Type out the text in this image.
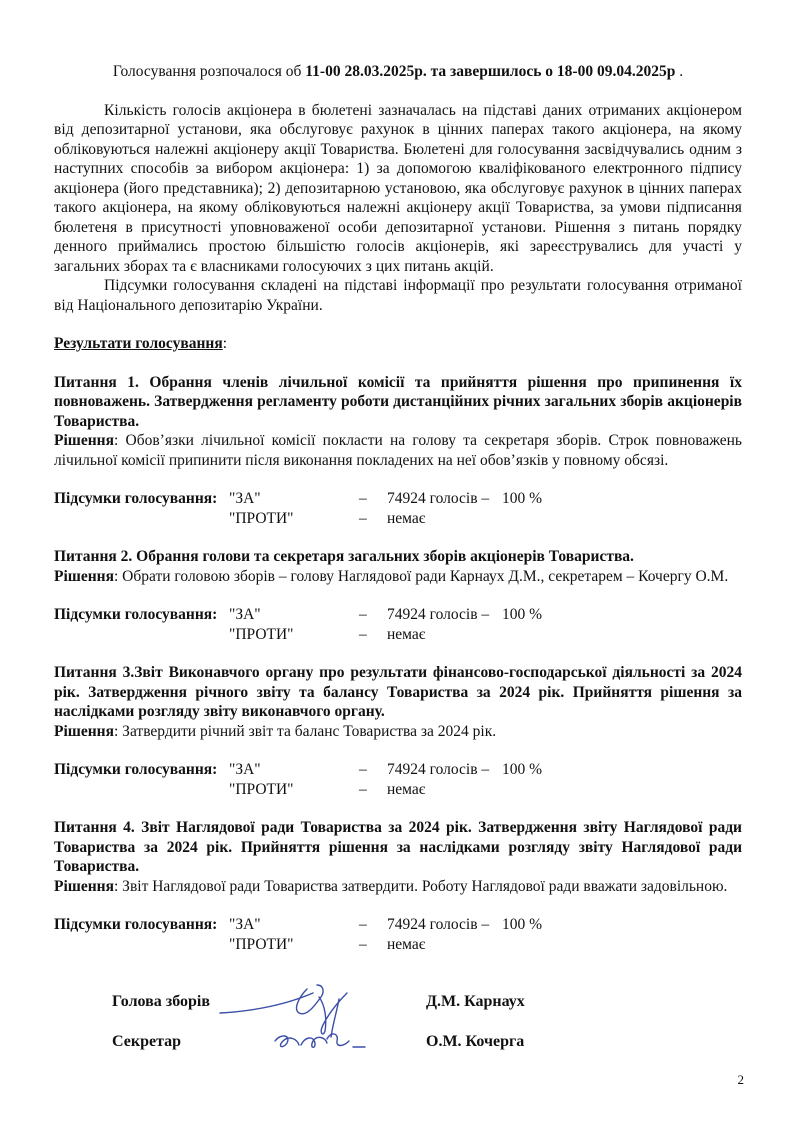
Голосування розпочалося об 11-00 28.03.2025р. та завершилось о 18-00 09.04.2025р .

Кількість голосів акціонера в бюлетені зазначалась на підставі даних отриманих акціонером від депозитарної установи, яка обслуговує рахунок в цінних паперах такого акціонера, на якому обліковуються належні акціонеру акції Товариства. Бюлетені для голосування засвідчувались одним з наступних способів за вибором акціонера: 1) за допомогою кваліфікованого електронного підпису акціонера (його представника); 2) депозитарною установою, яка обслуговує рахунок в цінних паперах такого акціонера, на якому обліковуються належні акціонеру акції Товариства, за умови підписання бюлетеня в присутності уповноваженої особи депозитарної установи. Рішення з питань порядку денного приймались простою більшістю голосів акціонерів, які зареєструвались для участі у загальних зборах та є власниками голосуючих з цих питань акцій.

Підсумки голосування складені на підставі інформації про результати голосування отриманої від Національного депозитарію України.

Результати голосування:

Питання 1. Обрання членів лічильної комісії та прийняття рішення про припинення їх повноважень. Затвердження регламенту роботи дистанційних річних загальних зборів акціонерів Товариства.

Рішення: Обов’язки лічильної комісії покласти на голову та секретаря зборів. Строк повноважень лічильної комісії припинити після виконання покладених на неї обов’язків у повному обсязі.

Підсумки голосування: "ЗА"	–	74924 голосів – 100 %
"ПРОТИ"	–	немає

Питання 2. Обрання голови та секретаря загальних зборів акціонерів Товариства.

Рішення: Обрати головою зборів – голову Наглядової ради Карнаух Д.М., секретарем – Кочергу О.М.

Підсумки голосування: "ЗА"	–	74924 голосів – 100 %
"ПРОТИ"	–	немає

Питання 3.Звіт Виконавчого органу про результати фінансово-господарської діяльності за 2024 рік. Затвердження річного звіту та балансу Товариства за 2024 рік. Прийняття рішення за наслідками розгляду звіту виконавчого органу.

Рішення: Затвердити річний звіт та баланс Товариства за 2024 рік.

Підсумки голосування: "ЗА"	–	74924 голосів – 100 %
"ПРОТИ"	–	немає

Питання 4. Звіт Наглядової ради Товариства за 2024 рік. Затвердження звіту Наглядової ради Товариства за 2024 рік. Прийняття рішення за наслідками розгляду звіту Наглядової ради Товариства.

Рішення: Звіт Наглядової ради Товариства затвердити. Роботу Наглядової ради вважати задовільною.

Підсумки голосування: "ЗА"	–	74924 голосів – 100 %
"ПРОТИ"	–	немає
Голова зборів	Д.М. Карнаух
Секретар	О.М. Кочерга
2
